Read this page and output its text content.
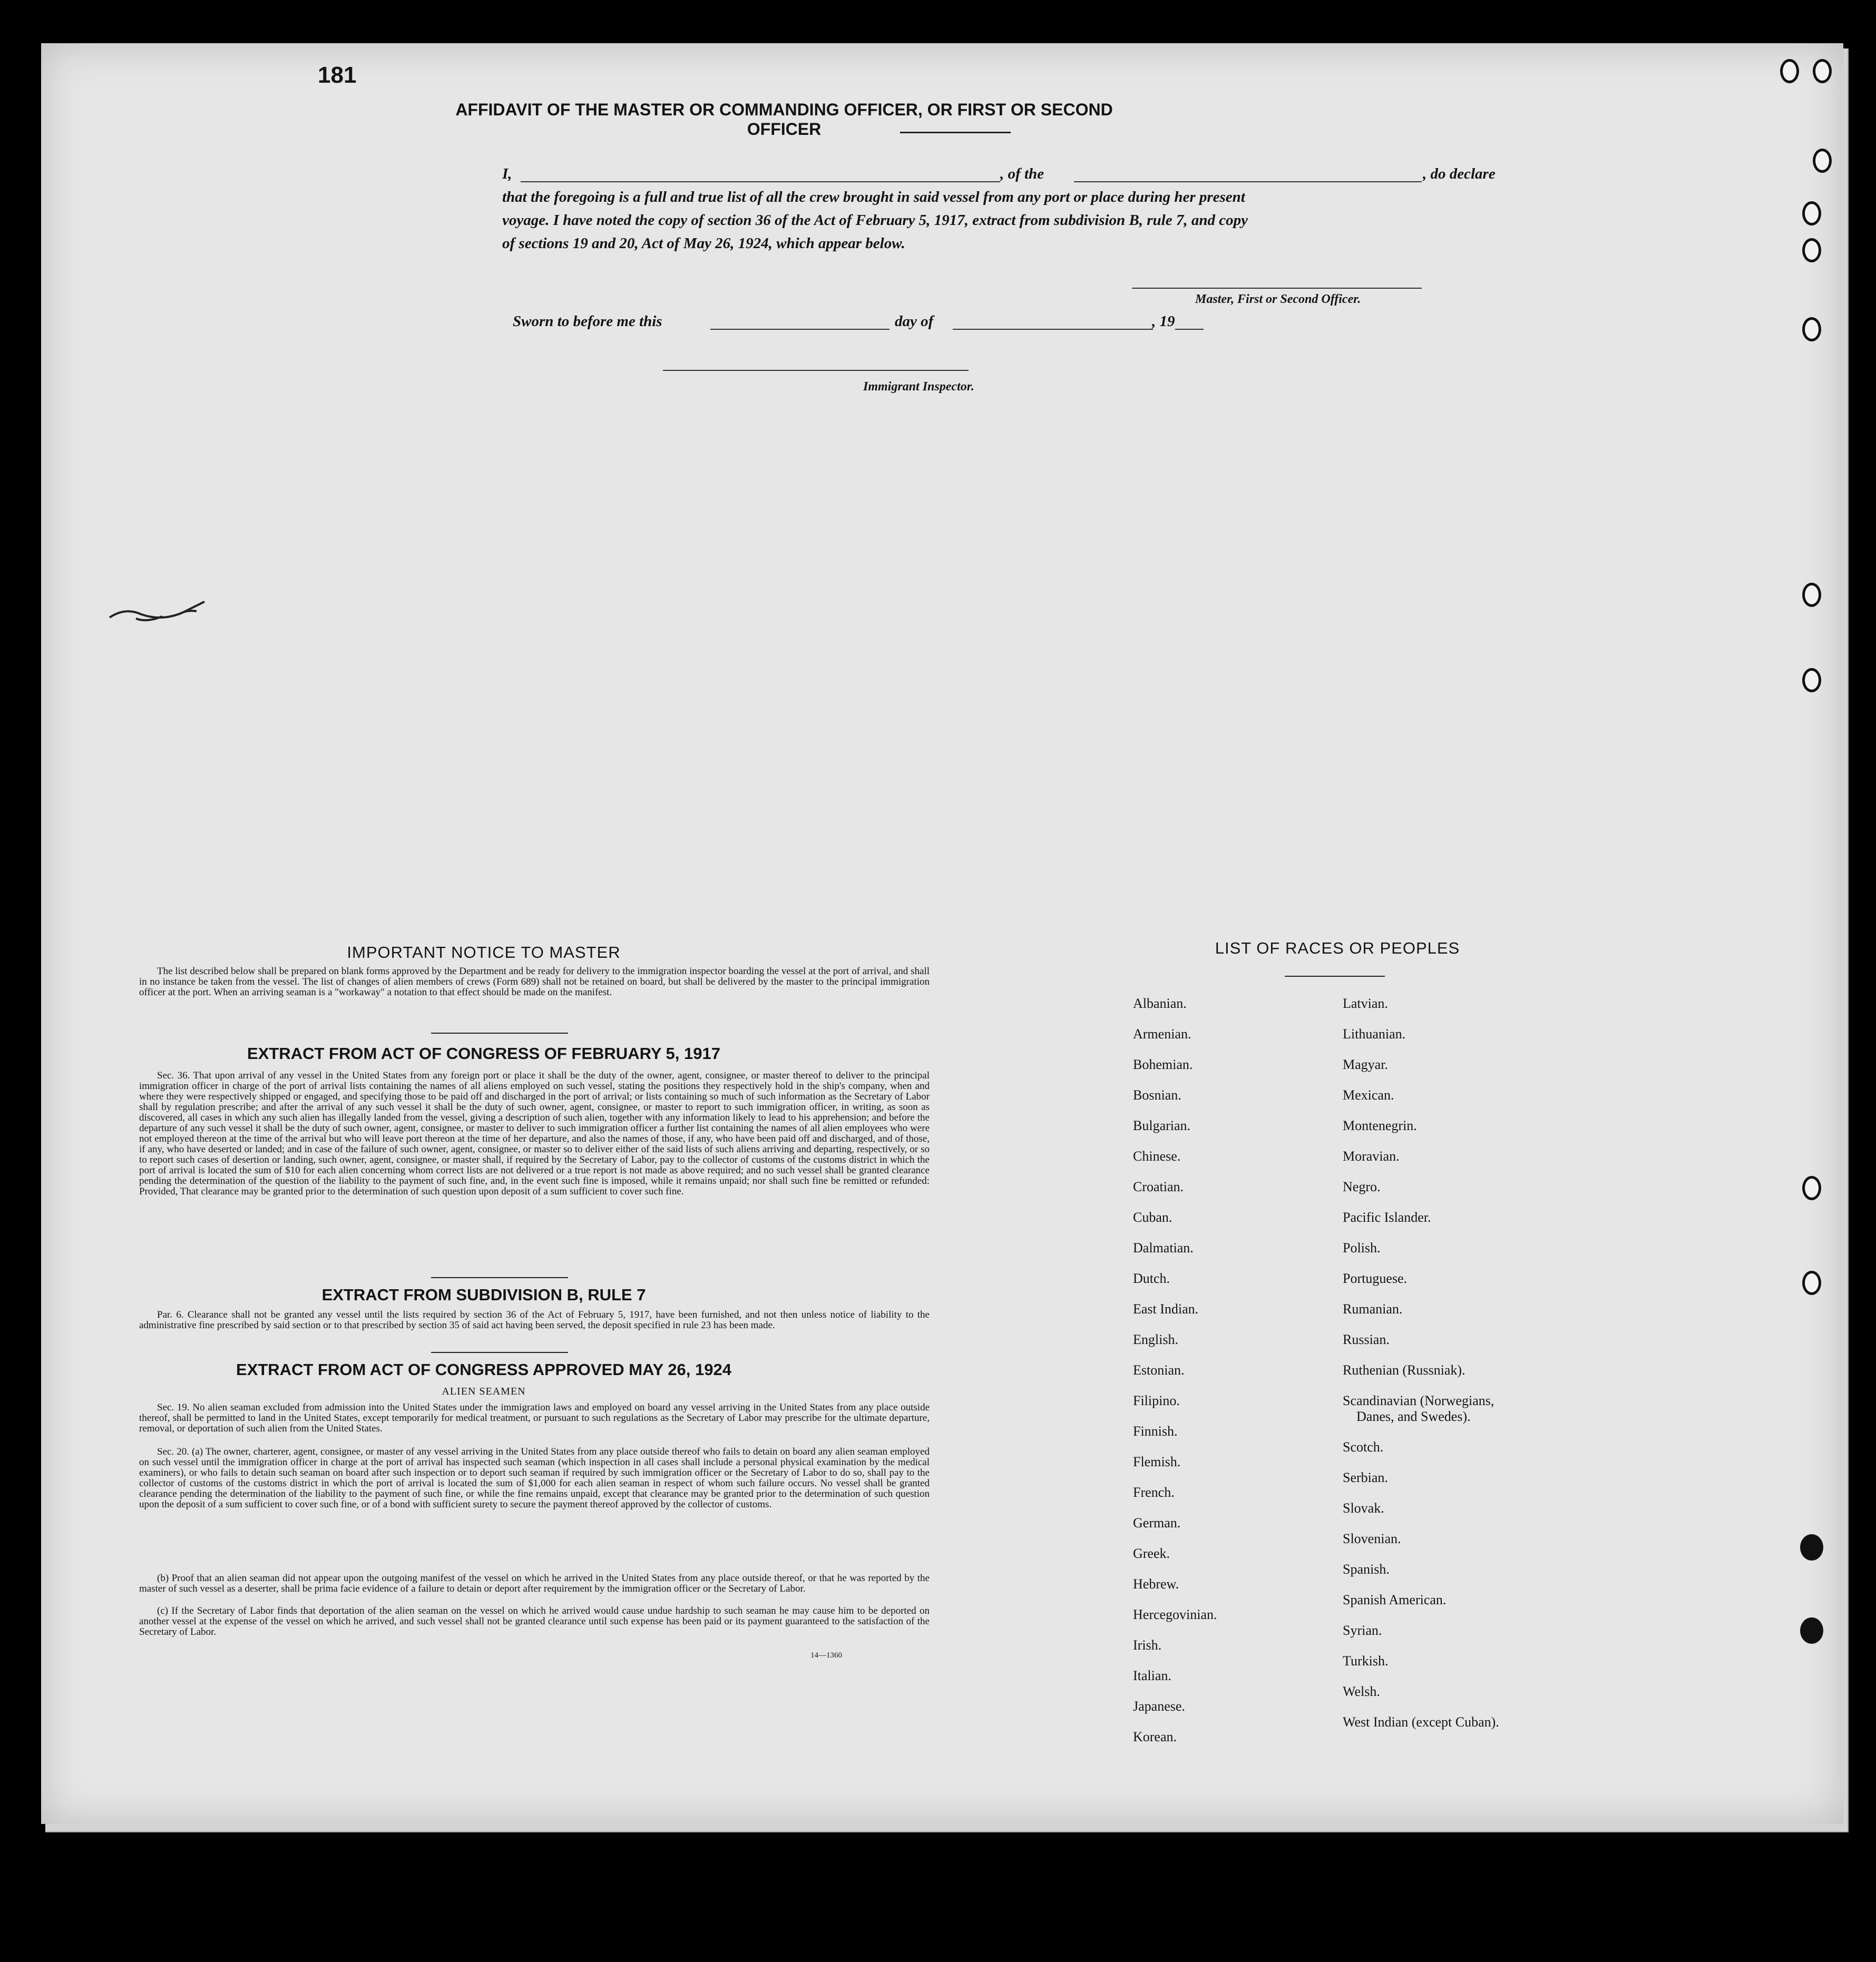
181
AFFIDAVIT OF THE MASTER OR COMMANDING OFFICER, OR FIRST OR SECOND OFFICER
I,	, of the	, do declare
that the foregoing is a full and true list of all the crew brought in said vessel from any port or place during her present
voyage. I have noted the copy of section 36 of the Act of February 5, 1917, extract from subdivision B, rule 7, and copy
of sections 19 and 20, Act of May 26, 1924, which appear below.
Master, First or Second Officer.
Sworn to before me this	day of	, 19
Immigrant Inspector.
IMPORTANT NOTICE TO MASTER
The list described below shall be prepared on blank forms approved by the Department and be ready for delivery to the immigration inspector boarding the vessel at the port of arrival, and shall in no instance be taken from the vessel. The list of changes of alien members of crews (Form 689) shall not be retained on board, but shall be delivered by the master to the principal immigration officer at the port. When an arriving seaman is a "workaway" a notation to that effect should be made on the manifest.
EXTRACT FROM ACT OF CONGRESS OF FEBRUARY 5, 1917
Sec. 36. That upon arrival of any vessel in the United States from any foreign port or place it shall be the duty of the owner, agent, consignee, or master thereof to deliver to the principal immigration officer in charge of the port of arrival lists containing the names of all aliens employed on such vessel, stating the positions they respectively hold in the ship's company, when and where they were respectively shipped or engaged, and specifying those to be paid off and discharged in the port of arrival; or lists containing so much of such information as the Secretary of Labor shall by regulation prescribe; and after the arrival of any such vessel it shall be the duty of such owner, agent, consignee, or master to report to such immigration officer, in writing, as soon as discovered, all cases in which any such alien has illegally landed from the vessel, giving a description of such alien, together with any information likely to lead to his apprehension; and before the departure of any such vessel it shall be the duty of such owner, agent, consignee, or master to deliver to such immigration officer a further list containing the names of all alien employees who were not employed thereon at the time of the arrival but who will leave port thereon at the time of her departure, and also the names of those, if any, who have been paid off and discharged, and of those, if any, who have deserted or landed; and in case of the failure of such owner, agent, consignee, or master so to deliver either of the said lists of such aliens arriving and departing, respectively, or so to report such cases of desertion or landing, such owner, agent, consignee, or master shall, if required by the Secretary of Labor, pay to the collector of customs of the customs district in which the port of arrival is located the sum of $10 for each alien concerning whom correct lists are not delivered or a true report is not made as above required; and no such vessel shall be granted clearance pending the determination of the question of the liability to the payment of such fine, and, in the event such fine is imposed, while it remains unpaid; nor shall such fine be remitted or refunded: Provided, That clearance may be granted prior to the determination of such question upon deposit of a sum sufficient to cover such fine.
EXTRACT FROM SUBDIVISION B, RULE 7
Par. 6. Clearance shall not be granted any vessel until the lists required by section 36 of the Act of February 5, 1917, have been furnished, and not then unless notice of liability to the administrative fine prescribed by said section or to that prescribed by section 35 of said act having been served, the deposit specified in rule 23 has been made.
EXTRACT FROM ACT OF CONGRESS APPROVED MAY 26, 1924
ALIEN SEAMEN
Sec. 19. No alien seaman excluded from admission into the United States under the immigration laws and employed on board any vessel arriving in the United States from any place outside thereof, shall be permitted to land in the United States, except temporarily for medical treatment, or pursuant to such regulations as the Secretary of Labor may prescribe for the ultimate departure, removal, or deportation of such alien from the United States.
Sec. 20. (a) The owner, charterer, agent, consignee, or master of any vessel arriving in the United States from any place outside thereof who fails to detain on board any alien seaman employed on such vessel until the immigration officer in charge at the port of arrival has inspected such seaman (which inspection in all cases shall include a personal physical examination by the medical examiners), or who fails to detain such seaman on board after such inspection or to deport such seaman if required by such immigration officer or the Secretary of Labor to do so, shall pay to the collector of customs of the customs district in which the port of arrival is located the sum of $1,000 for each alien seaman in respect of whom such failure occurs. No vessel shall be granted clearance pending the determination of the liability to the payment of such fine, or while the fine remains unpaid, except that clearance may be granted prior to the determination of such question upon the deposit of a sum sufficient to cover such fine, or of a bond with sufficient surety to secure the payment thereof approved by the collector of customs.
(b) Proof that an alien seaman did not appear upon the outgoing manifest of the vessel on which he arrived in the United States from any place outside thereof, or that he was reported by the master of such vessel as a deserter, shall be prima facie evidence of a failure to detain or deport after requirement by the immigration officer or the Secretary of Labor.
(c) If the Secretary of Labor finds that deportation of the alien seaman on the vessel on which he arrived would cause undue hardship to such seaman he may cause him to be deported on another vessel at the expense of the vessel on which he arrived, and such vessel shall not be granted clearance until such expense has been paid or its payment guaranteed to the satisfaction of the Secretary of Labor.
14—1360
LIST OF RACES OR PEOPLES
Albanian.
Armenian.
Bohemian.
Bosnian.
Bulgarian.
Chinese.
Croatian.
Cuban.
Dalmatian.
Dutch.
East Indian.
English.
Estonian.
Filipino.
Finnish.
Flemish.
French.
German.
Greek.
Hebrew.
Hercegovinian.
Irish.
Italian.
Japanese.
Korean.
Latvian.
Lithuanian.
Magyar.
Mexican.
Montenegrin.
Moravian.
Negro.
Pacific Islander.
Polish.
Portuguese.
Rumanian.
Russian.
Ruthenian (Russniak).
Scandinavian (Norwegians,
Danes, and Swedes).
Scotch.
Serbian.
Slovak.
Slovenian.
Spanish.
Spanish American.
Syrian.
Turkish.
Welsh.
West Indian (except Cuban).
